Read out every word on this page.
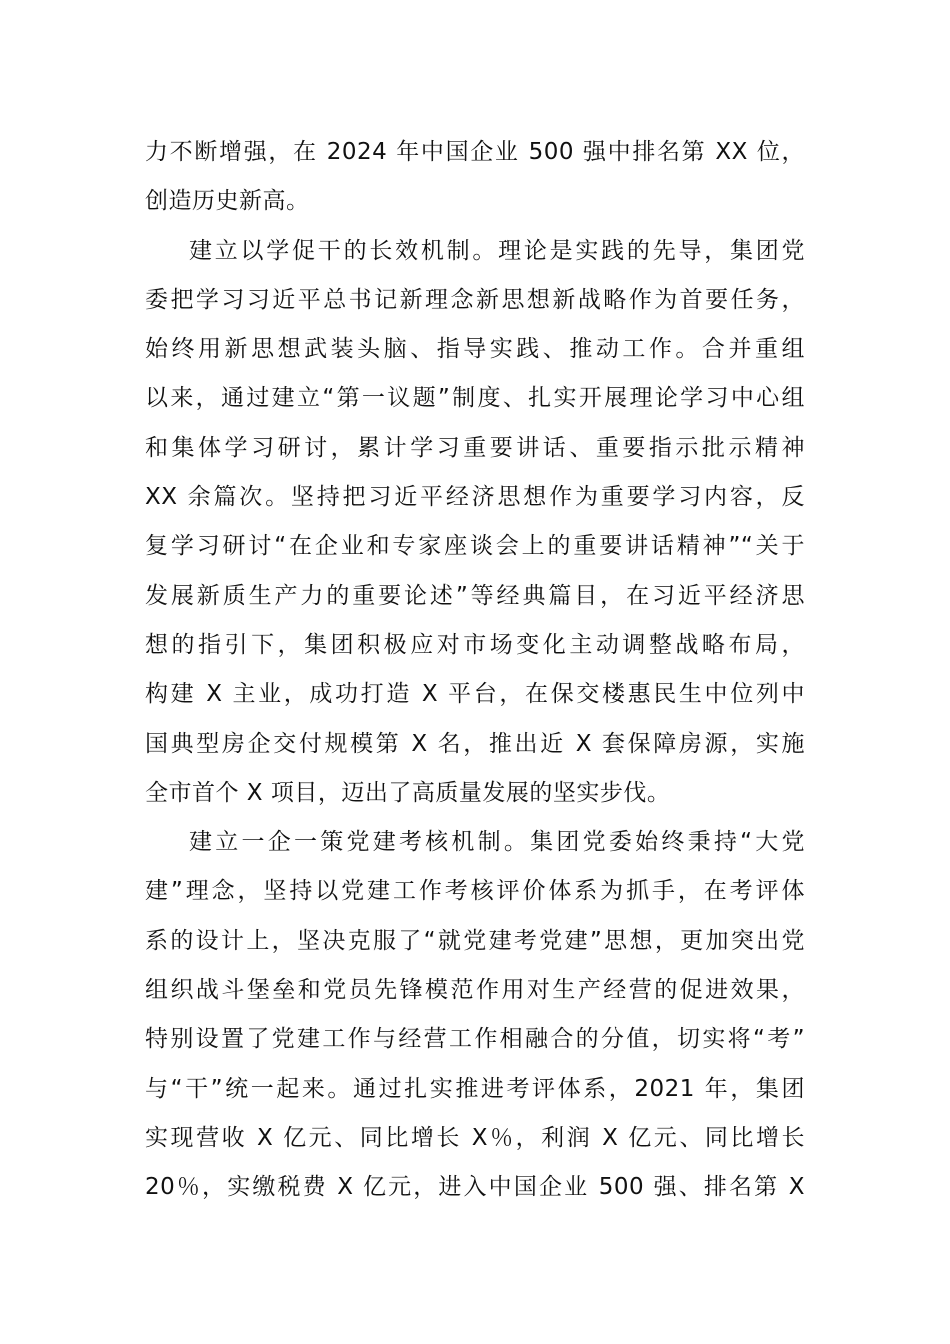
力不断增强，在 2024 年中国企业 500 强中排名第 XX 位，
创造历史新高。
建立以学促干的长效机制。理论是实践的先导，集团党
委把学习习近平总书记新理念新思想新战略作为首要任务，
始终用新思想武装头脑、指导实践、推动工作。合并重组
以来，通过建立“第一议题”制度、扎实开展理论学习中心组
和集体学习研讨，累计学习重要讲话、重要指示批示精神
XX 余篇次。坚持把习近平经济思想作为重要学习内容，反
复学习研讨“在企业和专家座谈会上的重要讲话精神”“关于
发展新质生产力的重要论述”等经典篇目，在习近平经济思
想的指引下，集团积极应对市场变化主动调整战略布局，
构建 X 主业，成功打造 X 平台，在保交楼惠民生中位列中
国典型房企交付规模第 X 名，推出近 X 套保障房源，实施
全市首个 X 项目，迈出了高质量发展的坚实步伐。
建立一企一策党建考核机制。集团党委始终秉持“大党
建”理念，坚持以党建工作考核评价体系为抓手，在考评体
系的设计上，坚决克服了“就党建考党建”思想，更加突出党
组织战斗堡垒和党员先锋模范作用对生产经营的促进效果，
特别设置了党建工作与经营工作相融合的分值，切实将“考”
与“干”统一起来。通过扎实推进考评体系，2021 年，集团
实现营收 X 亿元、同比增长 X％，利润 X 亿元、同比增长
20％，实缴税费 X 亿元，进入中国企业 500 强、排名第 X
